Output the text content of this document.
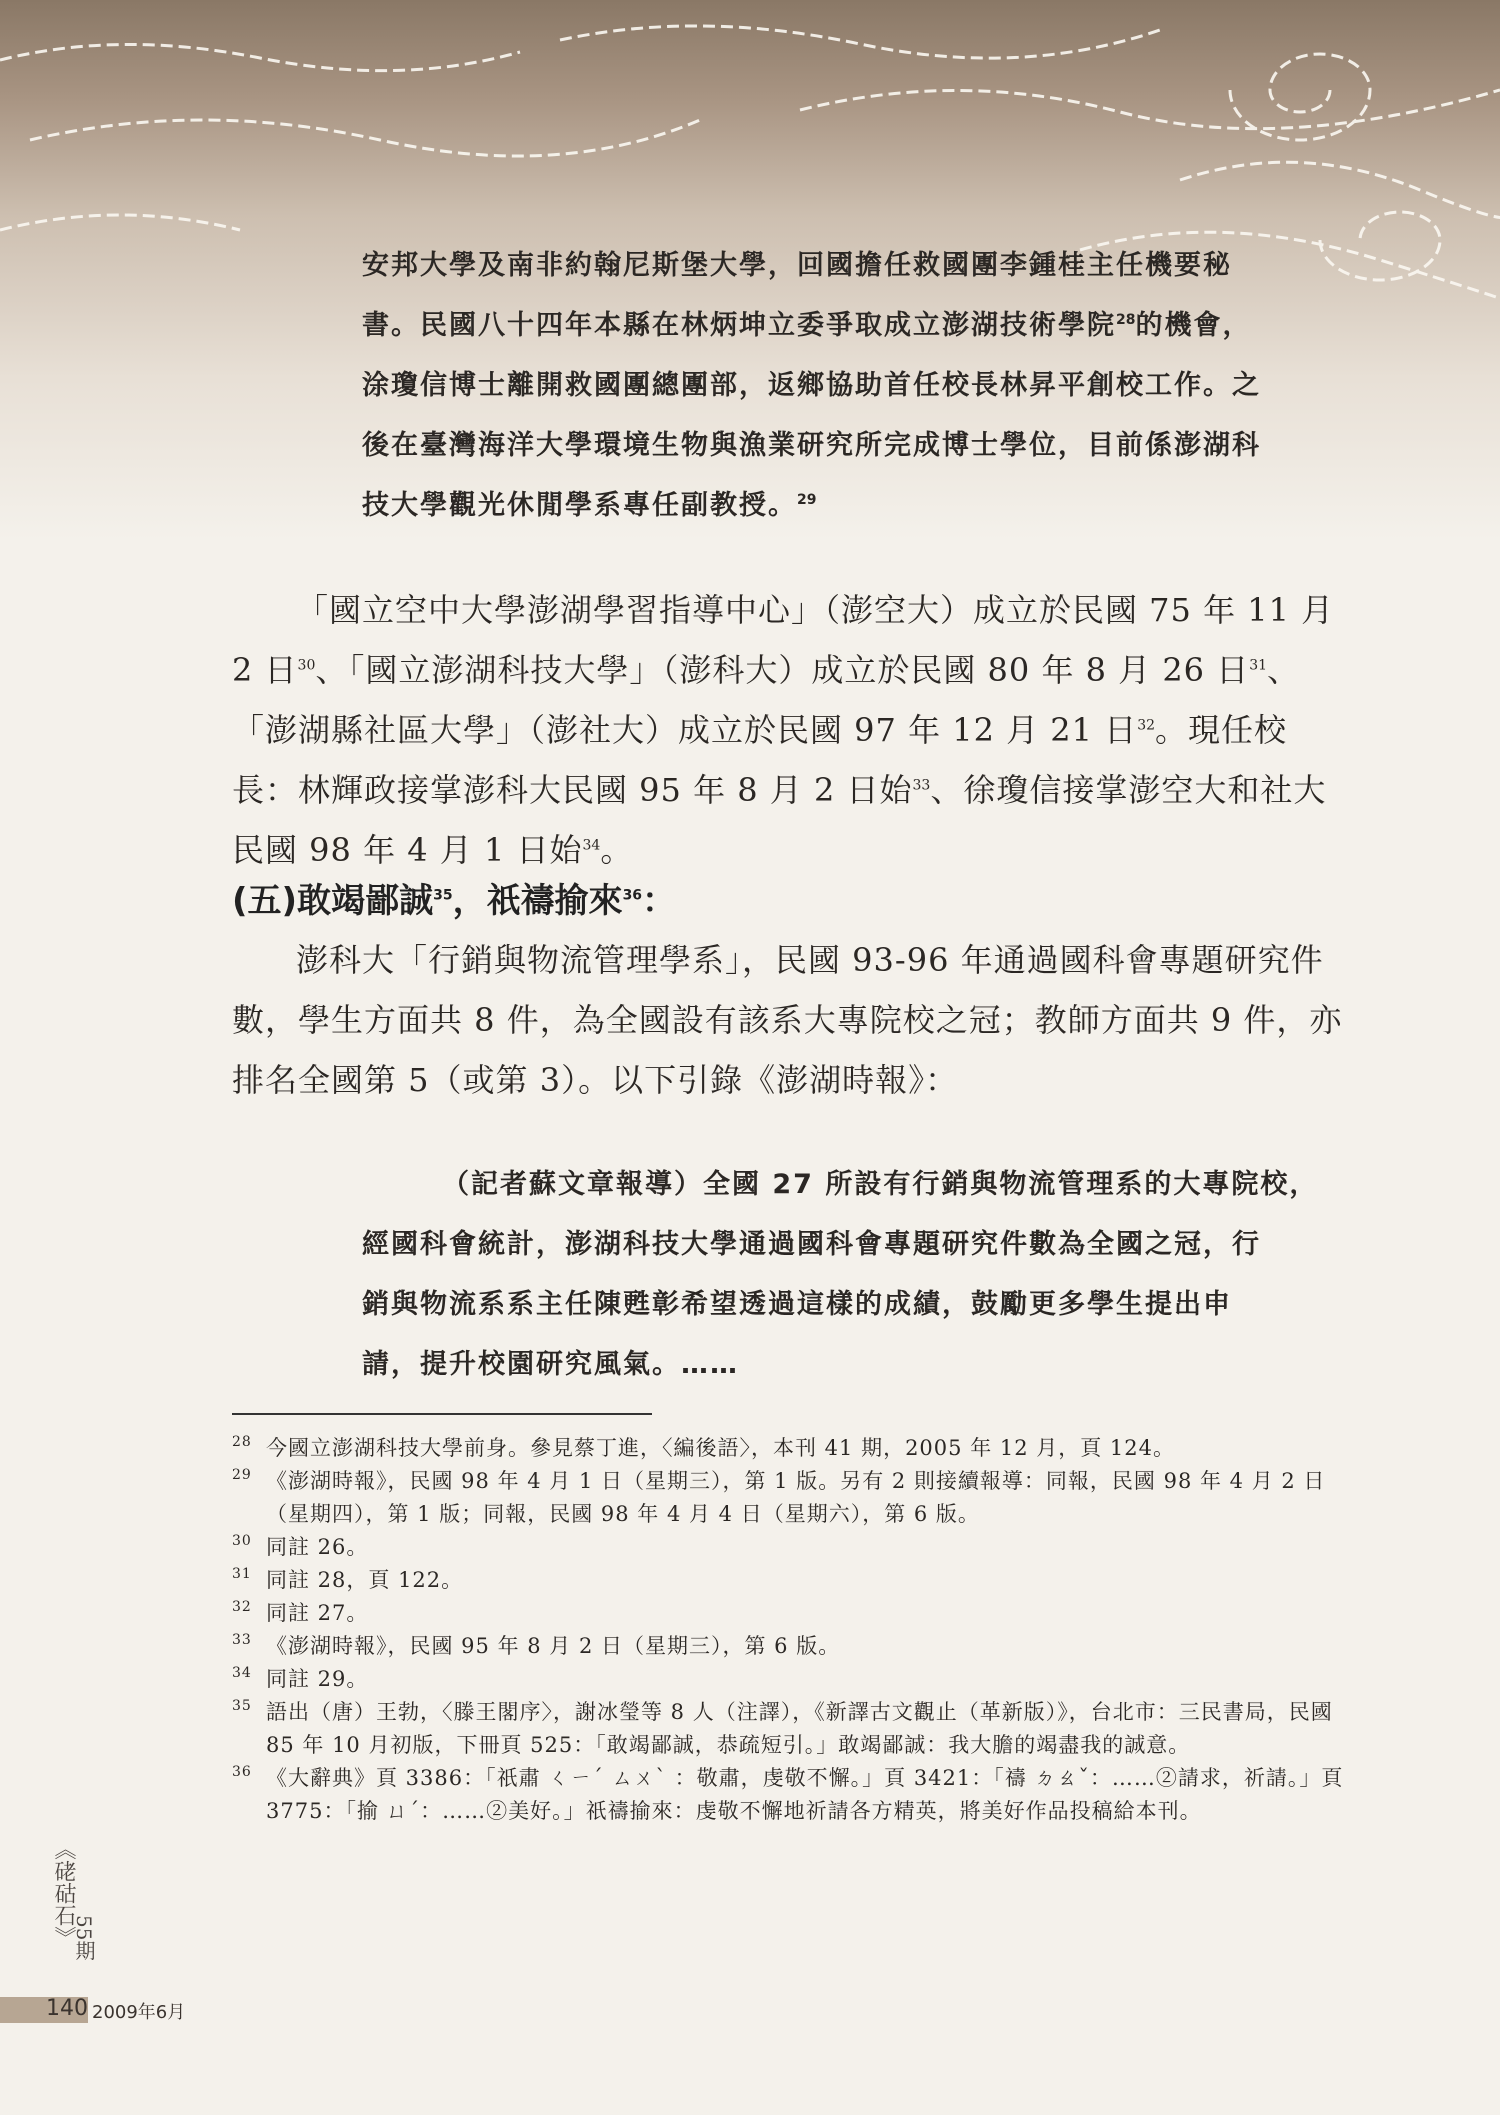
安邦大學及南非約翰尼斯堡大學，回國擔任救國團李鍾桂主任機要秘
書。民國八十四年本縣在林炳坤立委爭取成立澎湖技術學院$^{28}$的機會，
涂瓊信博士離開救國團總團部，返鄉協助首任校長林昇平創校工作。之
後在臺灣海洋大學環境生物與漁業研究所完成博士學位，目前係澎湖科
技大學觀光休閒學系專任副教授。$^{29}$

「國立空中大學澎湖學習指導中心」（澎空大）成立於民國 75 年 11 月 2 日$^{30}$、「國立澎湖科技大學」（澎科大）成立於民國 80 年 8 月 26 日$^{31}$、「澎湖縣社區大學」（澎社大）成立於民國 97 年 12 月 21 日$^{32}$。現任校長：林輝政接掌澎科大民國 95 年 8 月 2 日始$^{33}$、徐瓊信接掌澎空大和社大民國 98 年 4 月 1 日始$^{34}$。

(五)敢竭鄙誠$^{35}$，祇禱揄來$^{36}$：

澎科大「行銷與物流管理學系」，民國 93-96 年通過國科會專題研究件數，學生方面共 8 件，為全國設有該系大專院校之冠；教師方面共 9 件，亦排名全國第 5（或第 3）。以下引錄《澎湖時報》：

（記者蘇文章報導）全國 27 所設有行銷與物流管理系的大專院校，
經國科會統計，澎湖科技大學通過國科會專題研究件數為全國之冠，行
銷與物流系系主任陳甦彰希望透過這樣的成績，鼓勵更多學生提出申
請，提升校園研究風氣。……
28 今國立澎湖科技大學前身。參見蔡丁進，〈編後語〉，本刊 41 期，2005 年 12 月，頁 124。
29 《澎湖時報》，民國 98 年 4 月 1 日（星期三），第 1 版。另有 2 則接續報導：同報，民國 98 年 4 月 2 日（星期四），第 1 版；同報，民國 98 年 4 月 4 日（星期六），第 6 版。
30 同註 26。
31 同註 28，頁 122。
32 同註 27。
33 《澎湖時報》，民國 95 年 8 月 2 日（星期三），第 6 版。
34 同註 29。
35 語出（唐）王勃，〈滕王閣序〉，謝冰瑩等 8 人（注譯），《新譯古文觀止（革新版）》，台北市：三民書局，民國 85 年 10 月初版，下冊頁 525：「敢竭鄙誠，恭疏短引。」敢竭鄙誠：我大膽的竭盡我的誠意。
36 《大辭典》頁 3386：「祇肅 ㄑㄧˊ ㄙㄨˋ ：敬肅，虔敬不懈。」頁 3421：「禱 ㄉㄠˇ：……②請求，祈請。」頁 3775：「揄 ㄩˊ：……②美好。」祇禱揄來：虔敬不懈地祈請各方精英，將美好作品投稿給本刊。
《硓𥑮石》
55期
140 2009年6月
